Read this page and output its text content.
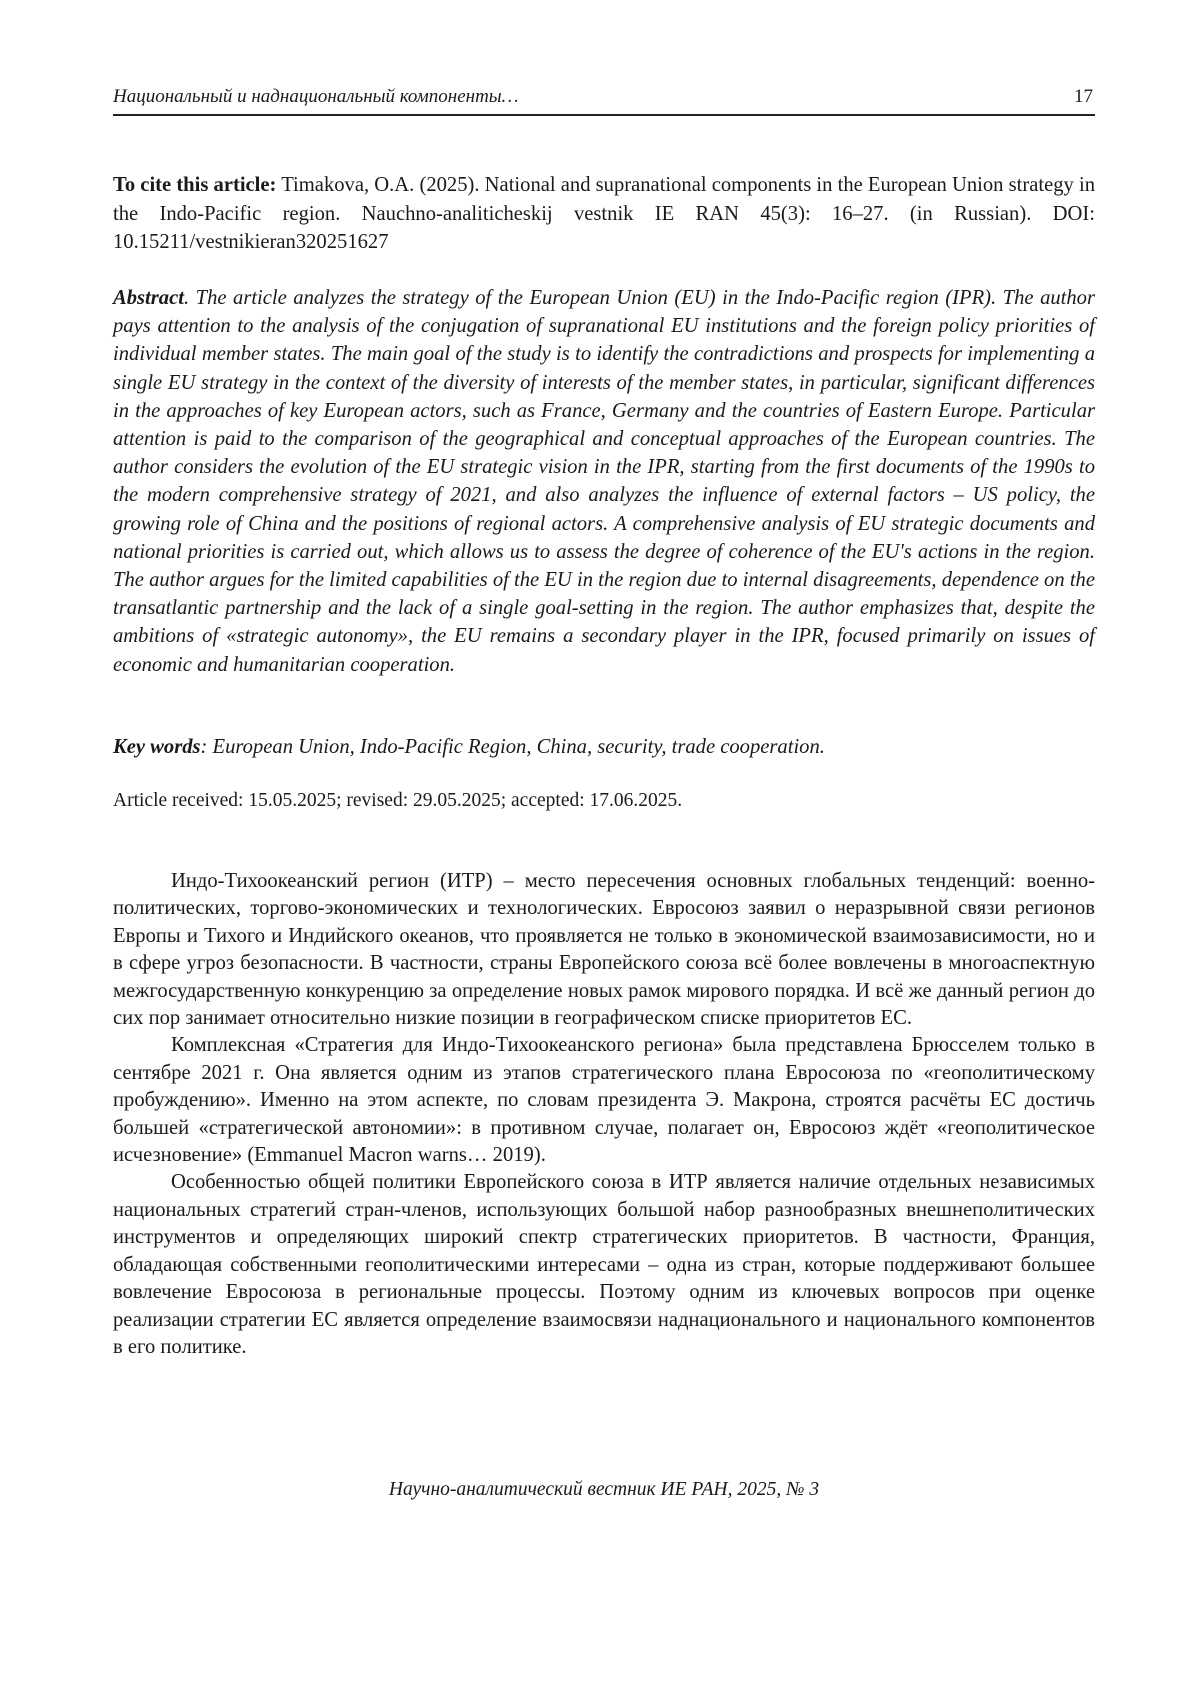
Национальный и наднациональный компоненты…	17
To cite this article: Timakova, O.A. (2025). National and supranational components in the European Union strategy in the Indo-Pacific region. Nauchno-analiticheskij vestnik IE RAN 45(3): 16–27. (in Russian). DOI: 10.15211/vestnikieran320251627
Abstract. The article analyzes the strategy of the European Union (EU) in the Indo-Pacific region (IPR). The author pays attention to the analysis of the conjugation of supranational EU institutions and the foreign policy priorities of individual member states. The main goal of the study is to identify the contradictions and prospects for implementing a single EU strategy in the context of the diversity of interests of the member states, in particular, significant differences in the approaches of key European actors, such as France, Germany and the countries of Eastern Europe. Particular attention is paid to the comparison of the geographical and conceptual approaches of the European countries. The author considers the evolution of the EU strategic vision in the IPR, starting from the first documents of the 1990s to the modern comprehensive strategy of 2021, and also analyzes the influence of external factors – US policy, the growing role of China and the positions of regional actors. A comprehensive analysis of EU strategic documents and national priorities is carried out, which allows us to assess the degree of coherence of the EU's actions in the region. The author argues for the limited capabilities of the EU in the region due to internal disagreements, dependence on the transatlantic partnership and the lack of a single goal-setting in the region. The author emphasizes that, despite the ambitions of «strategic autonomy», the EU remains a secondary player in the IPR, focused primarily on issues of economic and humanitarian cooperation.
Key words: European Union, Indo-Pacific Region, China, security, trade cooperation.
Article received: 15.05.2025; revised: 29.05.2025; accepted: 17.06.2025.

Индо-Тихоокеанский регион (ИТР) – место пересечения основных глобальных тенденций: военно-политических, торгово-экономических и технологических. Евросоюз заявил о неразрывной связи регионов Европы и Тихого и Индийского океанов, что проявляется не только в экономической взаимозависимости, но и в сфере угроз безопасности. В частности, страны Европейского союза всё более вовлечены в многоаспектную межгосударственную конкуренцию за определение новых рамок мирового порядка. И всё же данный регион до сих пор занимает относительно низкие позиции в географическом списке приоритетов ЕС.

Комплексная «Стратегия для Индо-Тихоокеанского региона» была представлена Брюсселем только в сентябре 2021 г. Она является одним из этапов стратегического плана Евросоюза по «геополитическому пробуждению». Именно на этом аспекте, по словам президента Э. Макрона, строятся расчёты ЕС достичь большей «стратегической автономии»: в противном случае, полагает он, Евросоюз ждёт «геополитическое исчезновение» (Emmanuel Macron warns… 2019).

Особенностью общей политики Европейского союза в ИТР является наличие отдельных независимых национальных стратегий стран-членов, использующих большой набор разнообразных внешнеполитических инструментов и определяющих широкий спектр стратегических приоритетов. В частности, Франция, обладающая собственными геополитическими интересами – одна из стран, которые поддерживают большее вовлечение Евросоюза в региональные процессы. Поэтому одним из ключевых вопросов при оценке реализации стратегии ЕС является определение взаимосвязи наднационального и национального компонентов в его политике.

Научно-аналитический вестник ИЕ РАН, 2025, № 3
